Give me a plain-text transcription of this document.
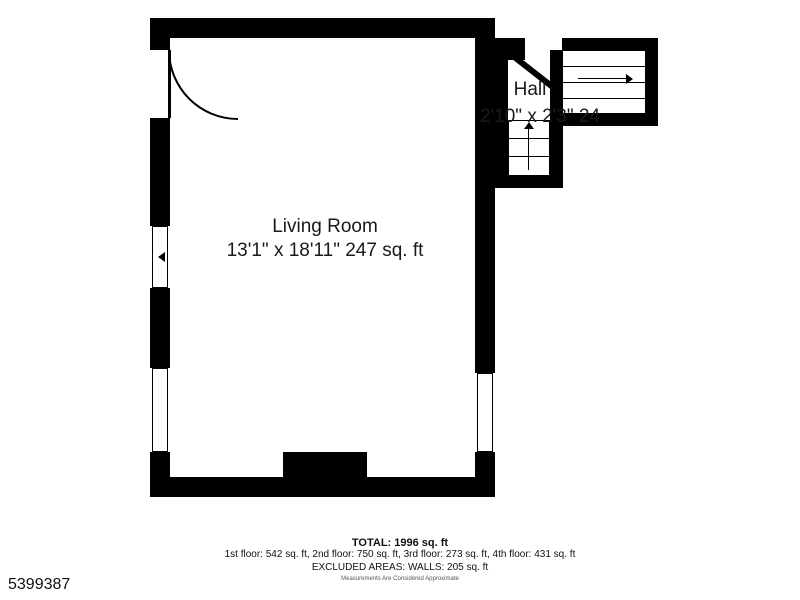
Living Room
13'1" x 18'11" 247 sq. ft
Hall
2'10" x 2'3" 24
TOTAL: 1996 sq. ft
1st floor: 542 sq. ft, 2nd floor: 750 sq. ft, 3rd floor: 273 sq. ft, 4th floor: 431 sq. ft
EXCLUDED AREAS: WALLS: 205 sq. ft
Measurements Are Considered Approximate
5399387
